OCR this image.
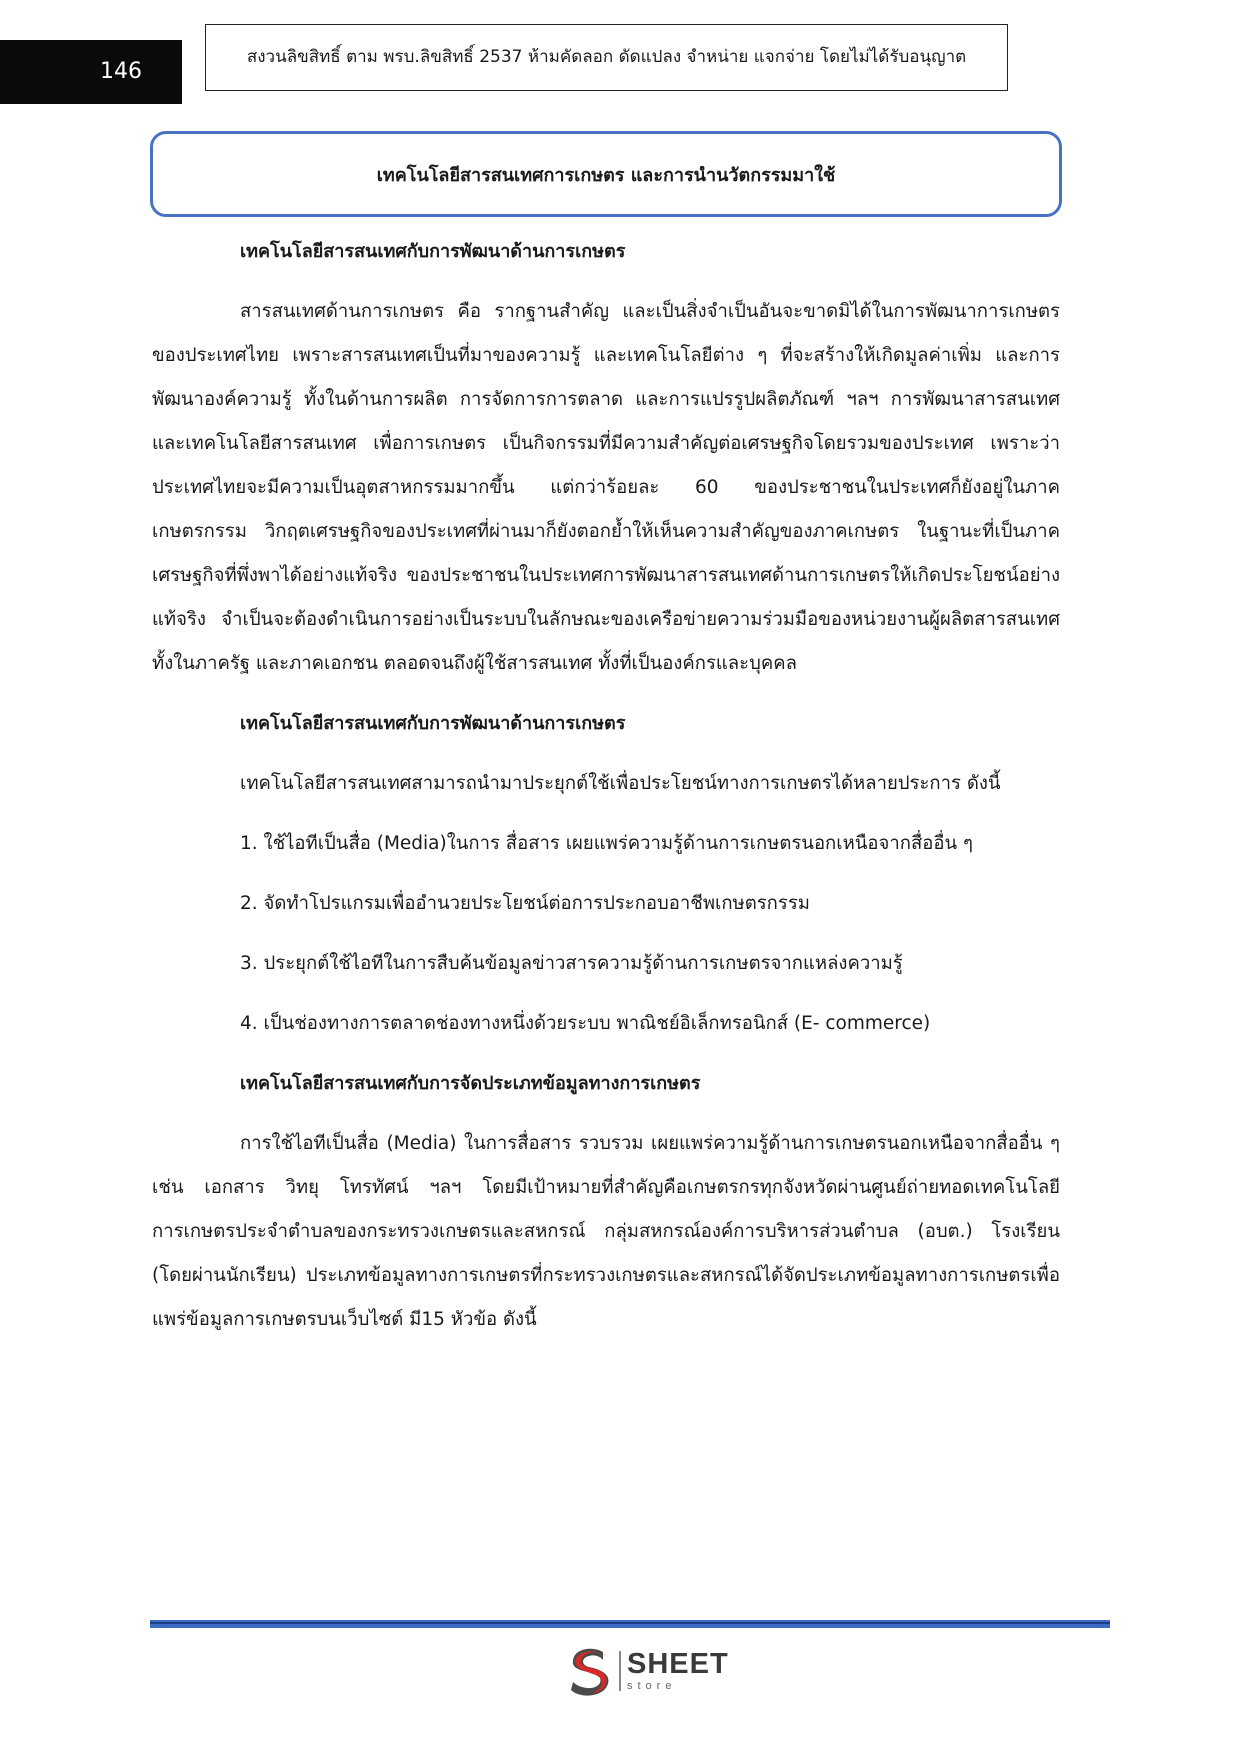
146
สงวนลิขสิทธิ์ ตาม พรบ.ลิขสิทธิ์ 2537 ห้ามคัดลอก ดัดแปลง จำหน่าย แจกจ่าย โดยไม่ได้รับอนุญาต
เทคโนโลยีสารสนเทศการเกษตร และการนำนวัตกรรมมาใช้

เทคโนโลยีสารสนเทศกับการพัฒนาด้านการเกษตร

สารสนเทศด้านการเกษตร คือ รากฐานสำคัญ และเป็นสิ่งจำเป็นอันจะขาดมิได้ในการพัฒนาการเกษตรของประเทศไทย เพราะสารสนเทศเป็นที่มาของความรู้ และเทคโนโลยีต่าง ๆ ที่จะสร้างให้เกิดมูลค่าเพิ่ม และการพัฒนาองค์ความรู้ ทั้งในด้านการผลิต การจัดการการตลาด และการแปรรูปผลิตภัณฑ์ ฯลฯ การพัฒนาสารสนเทศ และเทคโนโลยีสารสนเทศ เพื่อการเกษตร เป็นกิจกรรมที่มีความสำคัญต่อเศรษฐกิจโดยรวมของประเทศ เพราะว่าประเทศไทยจะมีความเป็นอุตสาหกรรมมากขึ้น แต่กว่าร้อยละ 60 ของประชาชนในประเทศก็ยังอยู่ในภาคเกษตรกรรม วิกฤตเศรษฐกิจของประเทศที่ผ่านมาก็ยังตอกย้ำให้เห็นความสำคัญของภาคเกษตร ในฐานะที่เป็นภาคเศรษฐกิจที่พึ่งพาได้อย่างแท้จริง ของประชาชนในประเทศการพัฒนาสารสนเทศด้านการเกษตรให้เกิดประโยชน์อย่างแท้จริง จำเป็นจะต้องดำเนินการอย่างเป็นระบบในลักษณะของเครือข่ายความร่วมมือของหน่วยงานผู้ผลิตสารสนเทศทั้งในภาครัฐ และภาคเอกชน ตลอดจนถึงผู้ใช้สารสนเทศ ทั้งที่เป็นองค์กรและบุคคล

เทคโนโลยีสารสนเทศกับการพัฒนาด้านการเกษตร

เทคโนโลยีสารสนเทศสามารถนำมาประยุกต์ใช้เพื่อประโยชน์ทางการเกษตรได้หลายประการ ดังนี้

1. ใช้ไอทีเป็นสื่อ (Media)ในการ สื่อสาร เผยแพร่ความรู้ด้านการเกษตรนอกเหนือจากสื่ออื่น ๆ

2. จัดทำโปรแกรมเพื่ออำนวยประโยชน์ต่อการประกอบอาชีพเกษตรกรรม

3. ประยุกต์ใช้ไอทีในการสืบค้นข้อมูลข่าวสารความรู้ด้านการเกษตรจากแหล่งความรู้

4. เป็นช่องทางการตลาดช่องทางหนึ่งด้วยระบบ พาณิชย์อิเล็กทรอนิกส์ (E- commerce)

เทคโนโลยีสารสนเทศกับการจัดประเภทข้อมูลทางการเกษตร

การใช้ไอทีเป็นสื่อ (Media) ในการสื่อสาร รวบรวม เผยแพร่ความรู้ด้านการเกษตรนอกเหนือจากสื่ออื่น ๆ เช่น เอกสาร วิทยุ โทรทัศน์ ฯลฯ โดยมีเป้าหมายที่สำคัญคือเกษตรกรทุกจังหวัดผ่านศูนย์ถ่ายทอดเทคโนโลยีการเกษตรประจำตำบลของกระทรวงเกษตรและสหกรณ์ กลุ่มสหกรณ์องค์การบริหารส่วนตำบล (อบต.) โรงเรียน (โดยผ่านนักเรียน) ประเภทข้อมูลทางการเกษตรที่กระทรวงเกษตรและสหกรณ์ได้จัดประเภทข้อมูลทางการเกษตรเพื่อแพร่ข้อมูลการเกษตรบนเว็บไซต์ มี15 หัวข้อ ดังนี้

SHEET
store
